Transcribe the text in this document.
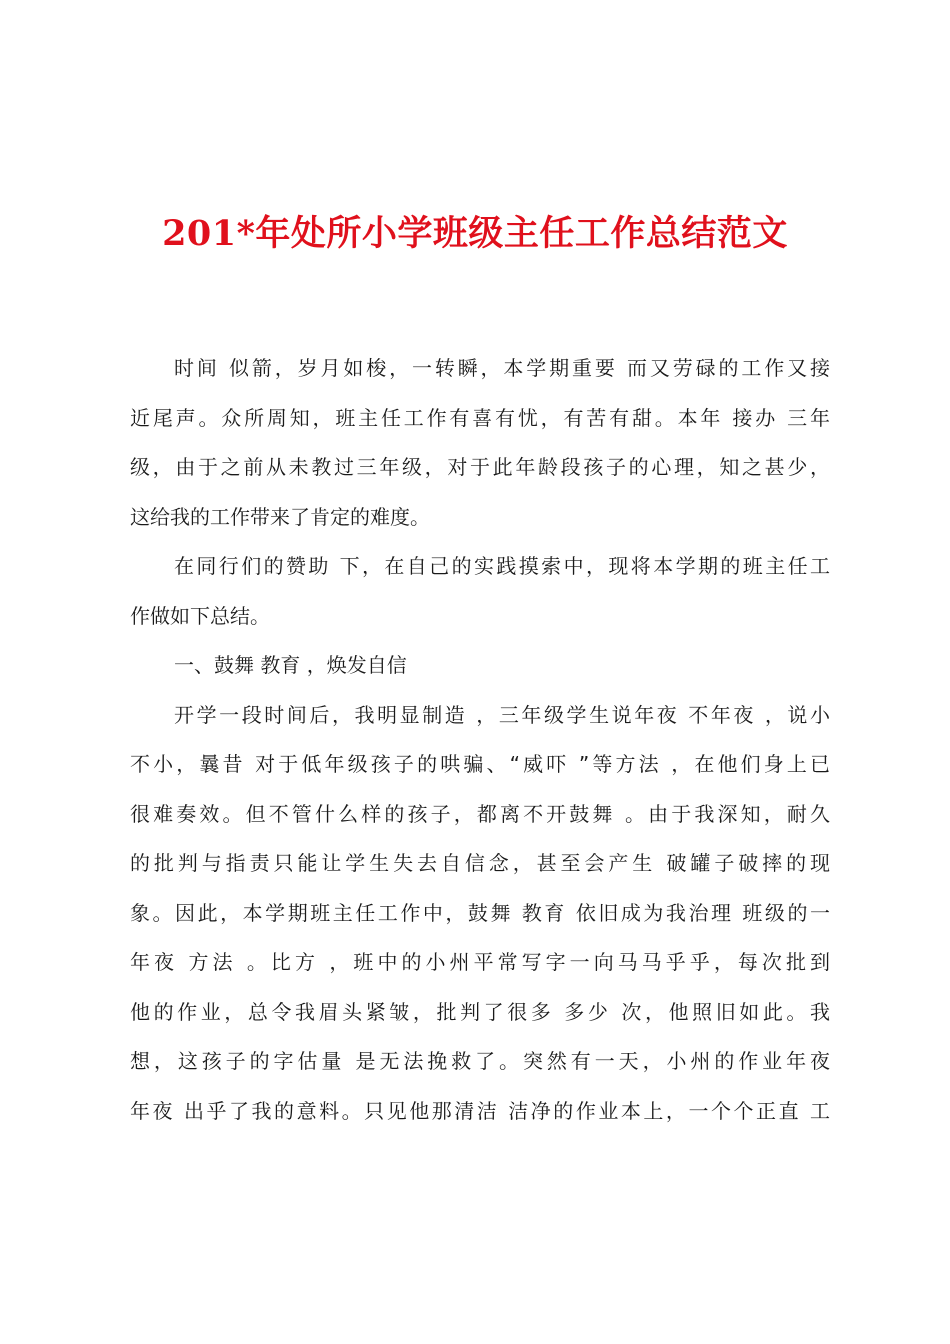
201*年处所小学班级主任工作总结范文
时间 似箭，岁月如梭，一转瞬，本学期重要 而又劳碌的工作又接
近尾声。众所周知，班主任工作有喜有忧，有苦有甜。本年 接办 三年
级，由于之前从未教过三年级，对于此年龄段孩子的心理，知之甚少，
这给我的工作带来了肯定的难度。
在同行们的赞助 下，在自己的实践摸索中，现将本学期的班主任工
作做如下总结。
一、鼓舞 教育 ，焕发自信
开学一段时间后，我明显制造 ，三年级学生说年夜 不年夜 ，说小
不小，曩昔 对于低年级孩子的哄骗、“威吓 ”等方法 ，在他们身上已
很难奏效。但不管什么样的孩子，都离不开鼓舞 。由于我深知，耐久
的批判与指责只能让学生失去自信念，甚至会产生 破罐子破摔的现
象。因此，本学期班主任工作中，鼓舞 教育 依旧成为我治理 班级的一
年夜 方法 。比方 ，班中的小州平常写字一向马马乎乎，每次批到
他的作业，总令我眉头紧皱，批判了很多 多少 次，他照旧如此。我
想，这孩子的字估量 是无法挽救了。突然有一天，小州的作业年夜
年夜 出乎了我的意料。只见他那清洁 洁净的作业本上，一个个正直 工
